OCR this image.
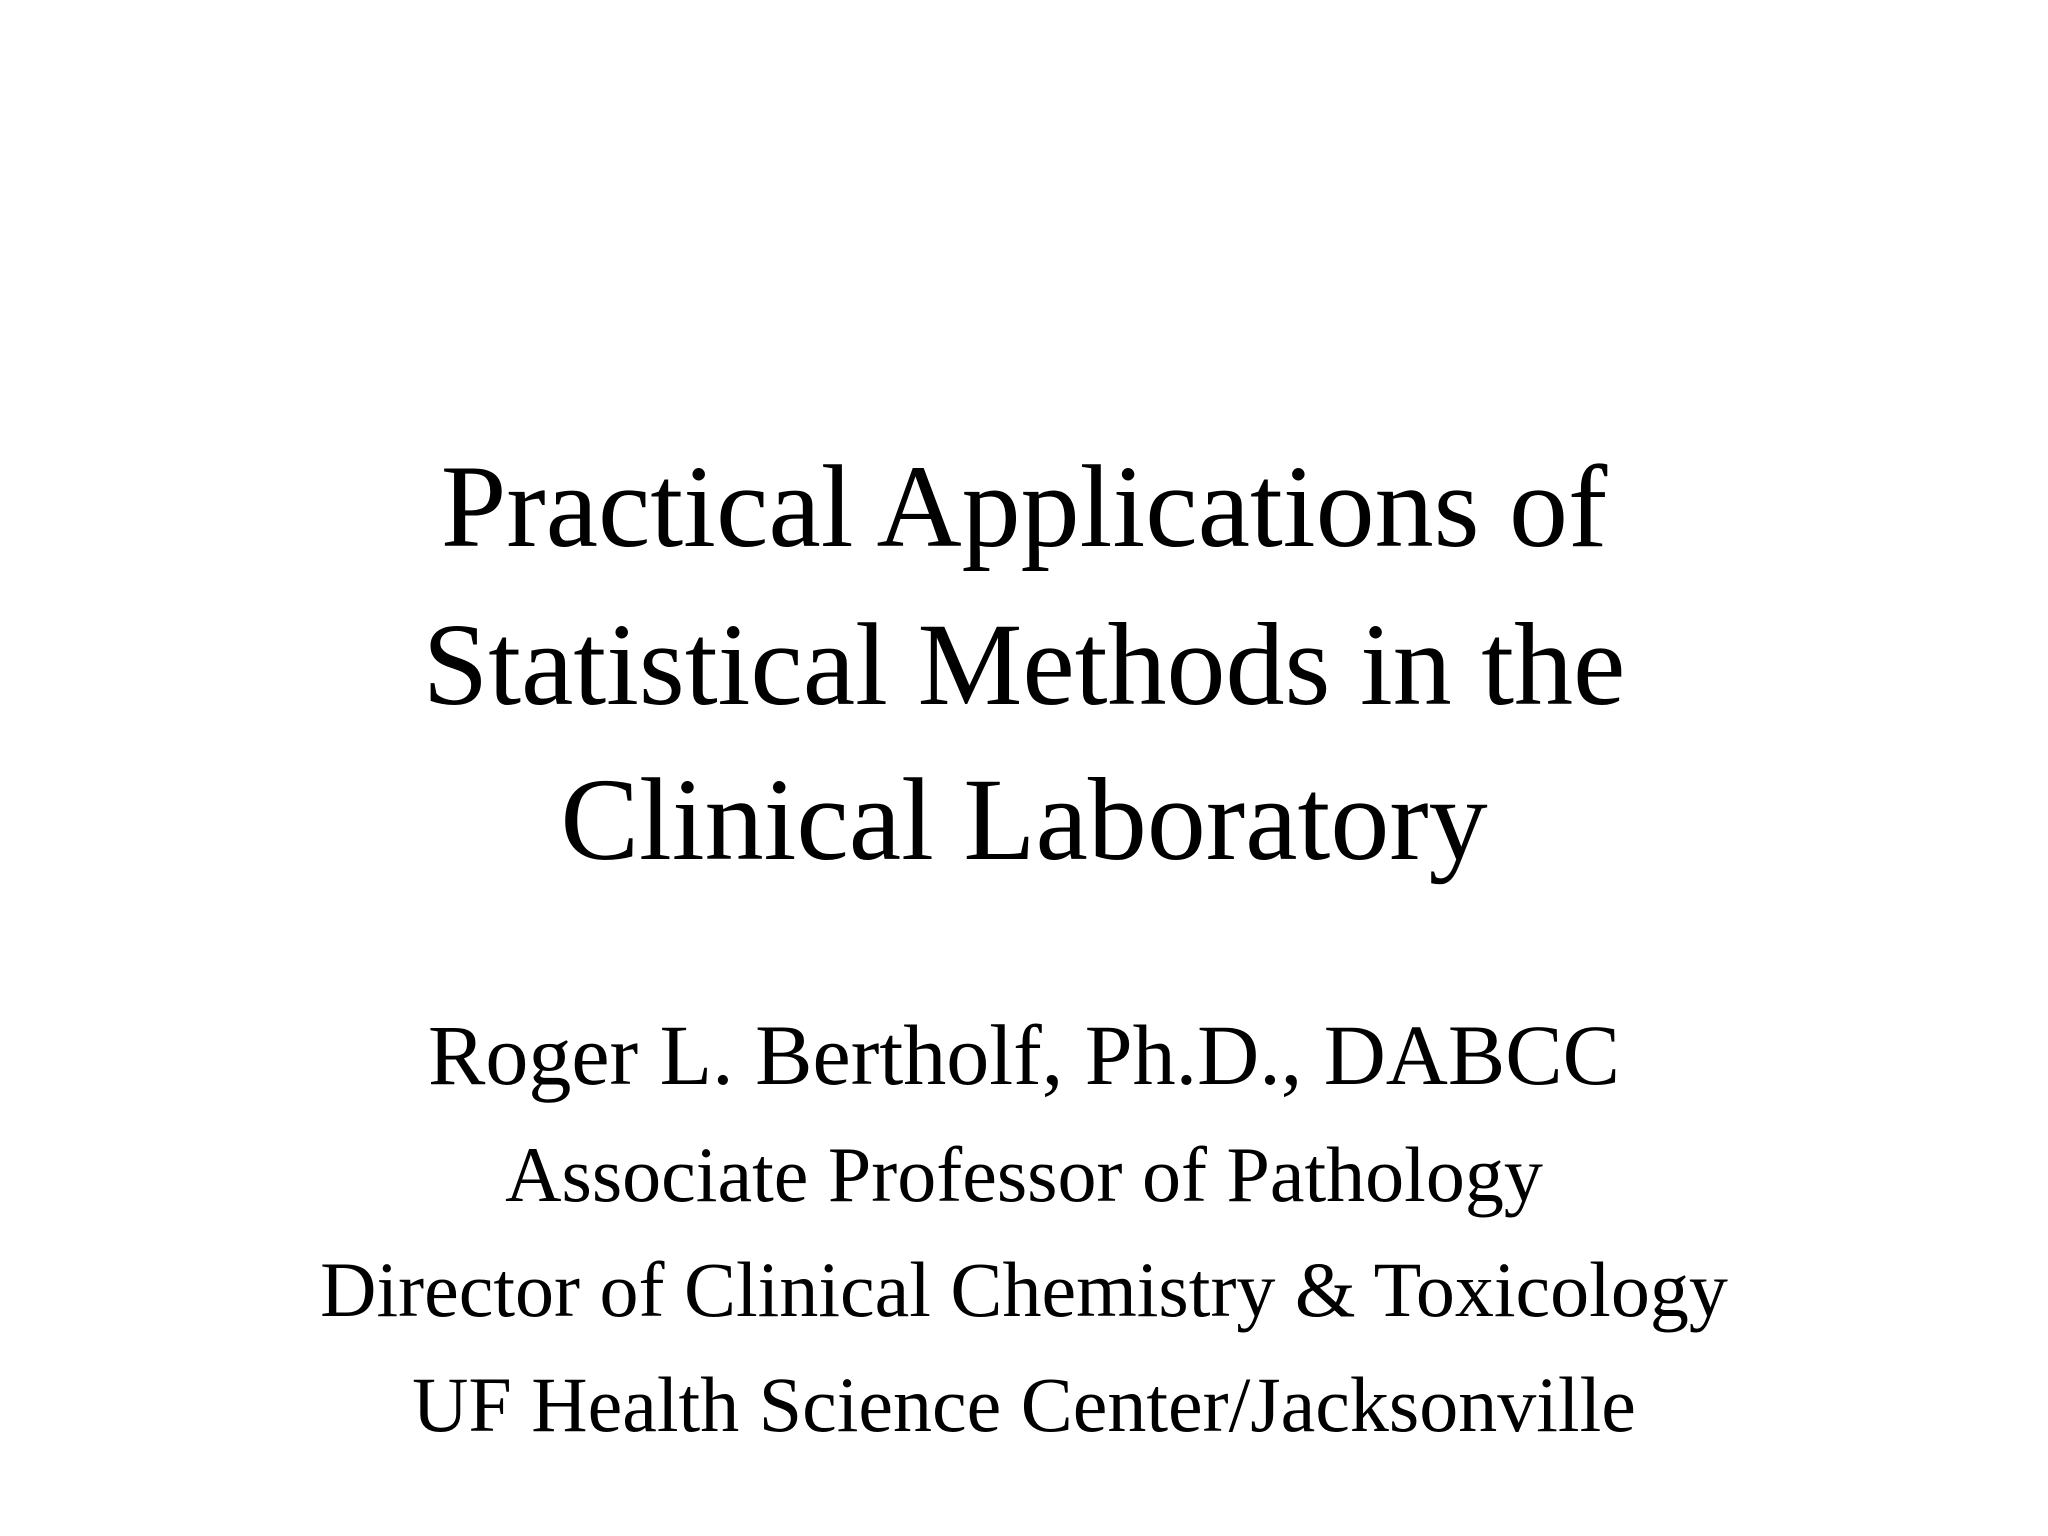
Practical Applications of
Statistical Methods in the
Clinical Laboratory
Roger L. Bertholf, Ph.D., DABCC
Associate Professor of Pathology
Director of Clinical Chemistry & Toxicology
UF Health Science Center/Jacksonville
